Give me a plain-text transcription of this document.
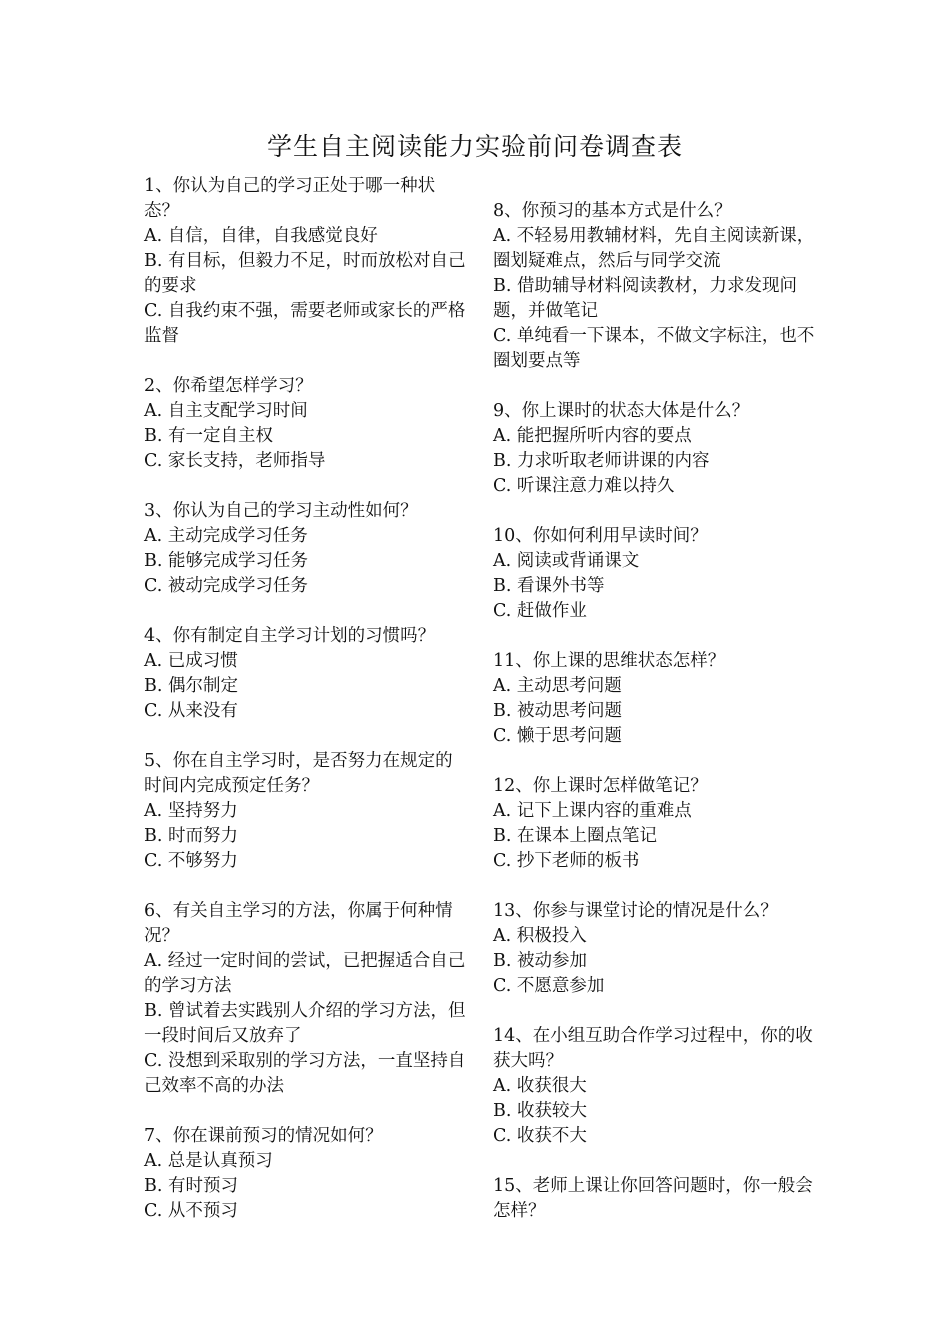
学生自主阅读能力实验前问卷调查表
1、你认为自己的学习正处于哪一种状态？
A. 自信，自律，自我感觉良好
B. 有目标，但毅力不足，时而放松对自己的要求
C. 自我约束不强，需要老师或家长的严格监督
2、你希望怎样学习？
A. 自主支配学习时间
B. 有一定自主权
C. 家长支持，老师指导
3、你认为自己的学习主动性如何？
A. 主动完成学习任务
B. 能够完成学习任务
C. 被动完成学习任务
4、你有制定自主学习计划的习惯吗？
A. 已成习惯
B. 偶尔制定
C. 从来没有
5、你在自主学习时，是否努力在规定的时间内完成预定任务？
A. 坚持努力
B. 时而努力
C. 不够努力
6、有关自主学习的方法，你属于何种情况？
A. 经过一定时间的尝试，已把握适合自己的学习方法
B. 曾试着去实践别人介绍的学习方法，但一段时间后又放弃了
C. 没想到采取别的学习方法，一直坚持自己效率不高的办法
7、你在课前预习的情况如何？
A. 总是认真预习
B. 有时预习
C. 从不预习
8、你预习的基本方式是什么？
A. 不轻易用教辅材料，先自主阅读新课，圈划疑难点，然后与同学交流
B. 借助辅导材料阅读教材，力求发现问题，并做笔记
C. 单纯看一下课本，不做文字标注，也不圈划要点等
9、你上课时的状态大体是什么？
A. 能把握所听内容的要点
B. 力求听取老师讲课的内容
C. 听课注意力难以持久
10、你如何利用早读时间？
A. 阅读或背诵课文
B. 看课外书等
C. 赶做作业
11、你上课的思维状态怎样？
A. 主动思考问题
B. 被动思考问题
C. 懒于思考问题
12、你上课时怎样做笔记？
A. 记下上课内容的重难点
B. 在课本上圈点笔记
C. 抄下老师的板书
13、你参与课堂讨论的情况是什么？
A. 积极投入
B. 被动参加
C. 不愿意参加
14、在小组互助合作学习过程中，你的收获大吗？
A. 收获很大
B. 收获较大
C. 收获不大
15、老师上课让你回答问题时，你一般会怎样？
